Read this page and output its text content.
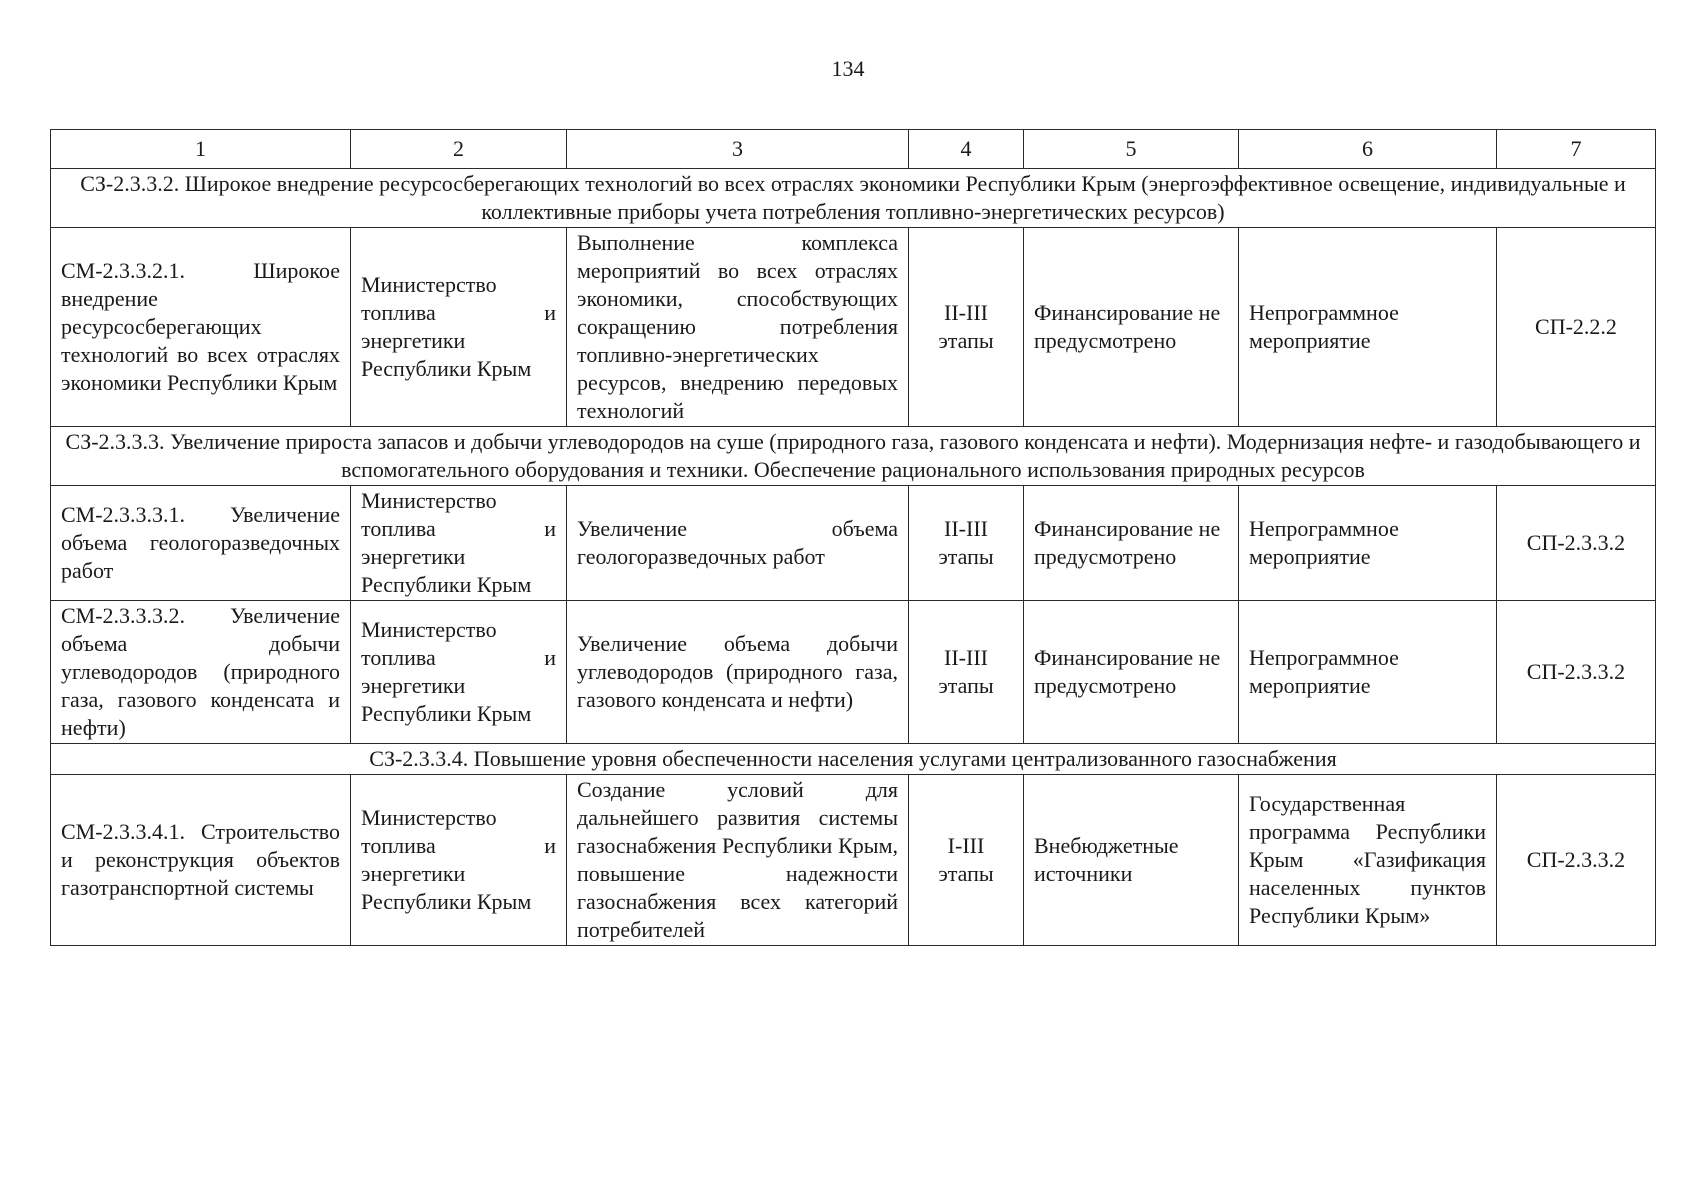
134
1	2	3	4	5	6	7
СЗ-2.3.3.2. Широкое внедрение ресурсосберегающих технологий во всех отраслях экономики Республики Крым (энергоэффективное освещение, индивидуальные и коллективные приборы учета потребления топливно-энергетических ресурсов)						
СМ-2.3.3.2.1. Широкое внедрение ресурсосберегающих технологий во всех отраслях экономики Республики Крым	Министерство топлива и энергетики Республики Крым	Выполнение комплекса мероприятий во всех отраслях экономики, способствующих сокращению потребления топливно-энергетических ресурсов, внедрению передовых технологий	II-III этапы	Финансирование не предусмотрено	Непрограммное мероприятие	СП-2.2.2
СЗ-2.3.3.3. Увеличение прироста запасов и добычи углеводородов на суше (природного газа, газового конденсата и нефти). Модернизация нефте- и газодобывающего и вспомогательного оборудования и техники. Обеспечение рационального использования природных ресурсов						
СМ-2.3.3.3.1. Увеличение объема геологоразведочных работ	Министерство топлива и энергетики Республики Крым	Увеличение объема геологоразведочных работ	II-III этапы	Финансирование не предусмотрено	Непрограммное мероприятие	СП-2.3.3.2
СМ-2.3.3.3.2. Увеличение объема добычи углеводородов (природного газа, газового конденсата и нефти)	Министерство топлива и энергетики Республики Крым	Увеличение объема добычи углеводородов (природного газа, газового конденсата и нефти)	II-III этапы	Финансирование не предусмотрено	Непрограммное мероприятие	СП-2.3.3.2
СЗ-2.3.3.4. Повышение уровня обеспеченности населения услугами централизованного газоснабжения						
СМ-2.3.3.4.1. Строительство и реконструкция объектов газотранспортной системы	Министерство топлива и энергетики Республики Крым	Создание условий для дальнейшего развития системы газоснабжения Республики Крым, повышение надежности газоснабжения всех категорий потребителей	I-III этапы	Внебюджетные источники	Государственная программа Республики Крым «Газификация населенных пунктов Республики Крым»	СП-2.3.3.2
